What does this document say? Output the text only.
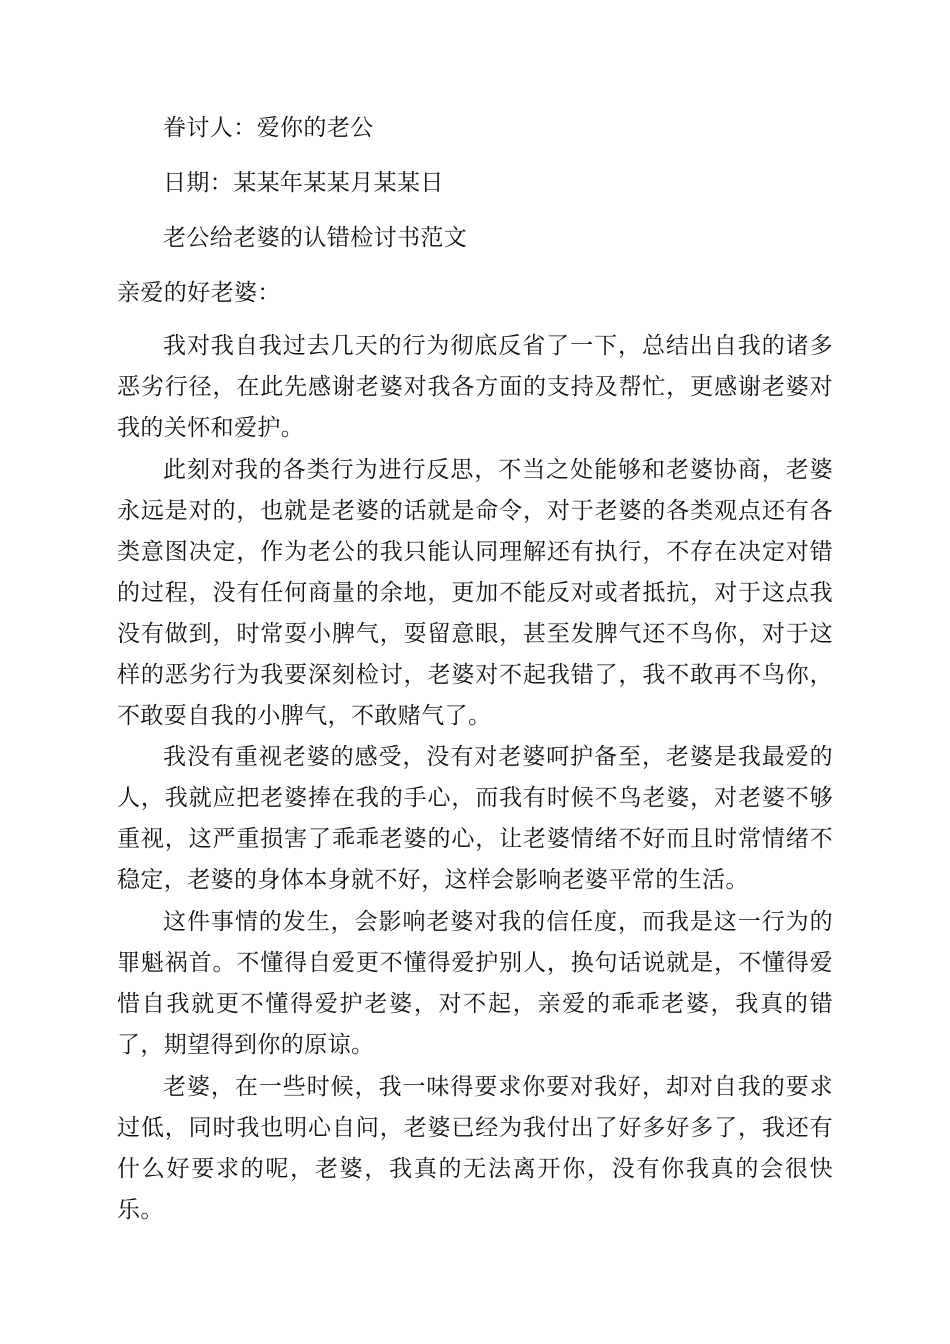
眷讨人：爱你的老公
日期：某某年某某月某某日
老公给老婆的认错检讨书范文
亲爱的好老婆：

我对我自我过去几天的行为彻底反省了一下，总结出自我的诸多恶劣行径，在此先感谢老婆对我各方面的支持及帮忙，更感谢老婆对我的关怀和爱护。

此刻对我的各类行为进行反思，不当之处能够和老婆协商，老婆永远是对的，也就是老婆的话就是命令，对于老婆的各类观点还有各类意图决定，作为老公的我只能认同理解还有执行，不存在决定对错的过程，没有任何商量的余地，更加不能反对或者抵抗，对于这点我没有做到，时常耍小脾气，耍留意眼，甚至发脾气还不鸟你，对于这样的恶劣行为我要深刻检讨，老婆对不起我错了，我不敢再不鸟你，不敢耍自我的小脾气，不敢赌气了。

我没有重视老婆的感受，没有对老婆呵护备至，老婆是我最爱的人，我就应把老婆捧在我的手心，而我有时候不鸟老婆，对老婆不够重视，这严重损害了乖乖老婆的心，让老婆情绪不好而且时常情绪不稳定，老婆的身体本身就不好，这样会影响老婆平常的生活。

这件事情的发生，会影响老婆对我的信任度，而我是这一行为的罪魁祸首。不懂得自爱更不懂得爱护别人，换句话说就是，不懂得爱惜自我就更不懂得爱护老婆，对不起，亲爱的乖乖老婆，我真的错了，期望得到你的原谅。

老婆，在一些时候，我一味得要求你要对我好，却对自我的要求过低，同时我也明心自问，老婆已经为我付出了好多好多了，我还有什么好要求的呢，老婆，我真的无法离开你，没有你我真的会很快乐。
